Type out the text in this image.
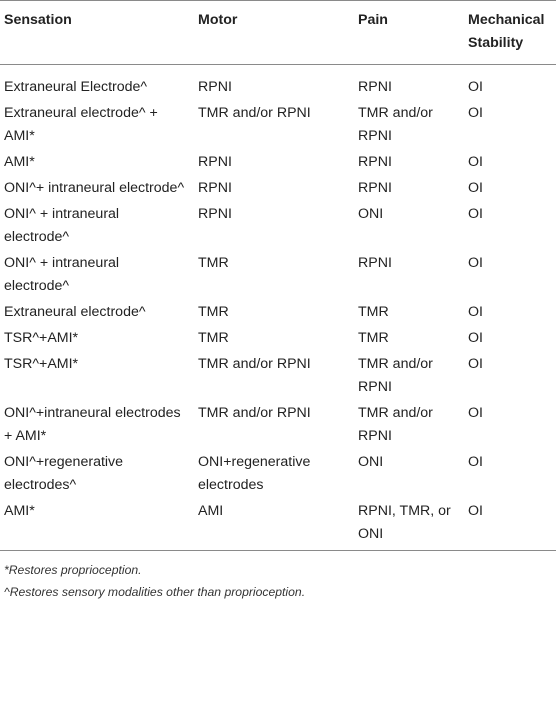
Sensation	Motor	Pain	Mechanical Stability
Extraneural Electrode^	RPNI	RPNI	OI
Extraneural electrode^ + AMI*	TMR and/or RPNI	TMR and/or RPNI	OI
AMI*	RPNI	RPNI	OI
ONI^+ intraneural electrode^	RPNI	RPNI	OI
ONI^ + intraneural electrode^	RPNI	ONI	OI
ONI^ + intraneural electrode^	TMR	RPNI	OI
Extraneural electrode^	TMR	TMR	OI
TSR^+AMI*	TMR	TMR	OI
TSR^+AMI*	TMR and/or RPNI	TMR and/or RPNI	OI
ONI^+intraneural electrodes + AMI*	TMR and/or RPNI	TMR and/or RPNI	OI
ONI^+regenerative electrodes^	ONI+regenerative electrodes	ONI	OI
AMI*	AMI	RPNI, TMR, or ONI	OI
*Restores proprioception.
^Restores sensory modalities other than proprioception.
